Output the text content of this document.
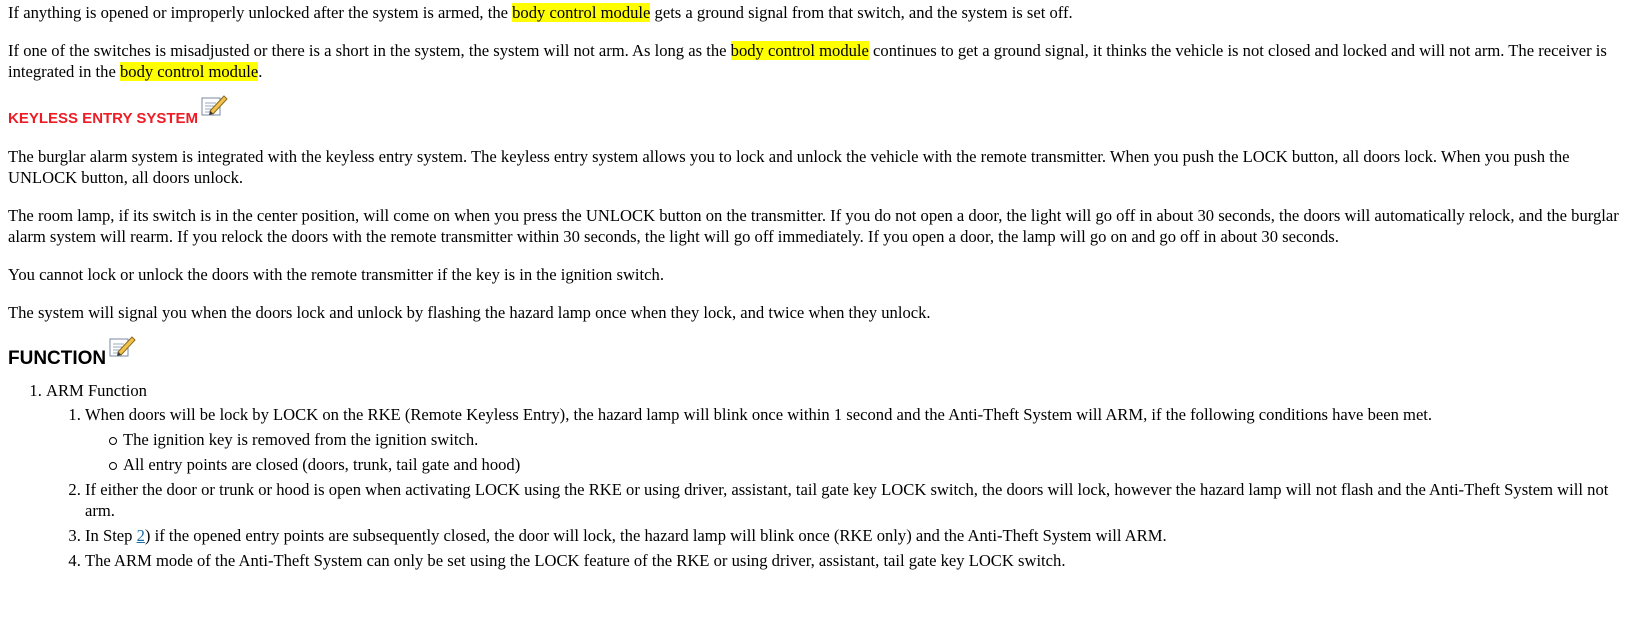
If anything is opened or improperly unlocked after the system is armed, the body control module gets a ground signal from that switch, and the system is set off.

If one of the switches is misadjusted or there is a short in the system, the system will not arm. As long as the body control module continues to get a ground signal, it thinks the vehicle is not closed and locked and will not arm. The receiver is integrated in the body control module.

KEYLESS ENTRY SYSTEM

The burglar alarm system is integrated with the keyless entry system. The keyless entry system allows you to lock and unlock the vehicle with the remote transmitter. When you push the LOCK button, all doors lock. When you push the UNLOCK button, all doors unlock.

The room lamp, if its switch is in the center position, will come on when you press the UNLOCK button on the transmitter. If you do not open a door, the light will go off in about 30 seconds, the doors will automatically relock, and the burglar alarm system will rearm. If you relock the doors with the remote transmitter within 30 seconds, the light will go off immediately. If you open a door, the lamp will go on and go off in about 30 seconds.

You cannot lock or unlock the doors with the remote transmitter if the key is in the ignition switch.

The system will signal you when the doors lock and unlock by flashing the hazard lamp once when they lock, and twice when they unlock.

FUNCTION
1. ARM Function
1. When doors will be lock by LOCK on the RKE (Remote Keyless Entry), the hazard lamp will blink once within 1 second and the Anti-Theft System will ARM, if the following conditions have been met.
The ignition key is removed from the ignition switch.
All entry points are closed (doors, trunk, tail gate and hood)
2. If either the door or trunk or hood is open when activating LOCK using the RKE or using driver, assistant, tail gate key LOCK switch, the doors will lock, however the hazard lamp will not flash and the Anti-Theft System will not arm.
3. In Step 2) if the opened entry points are subsequently closed, the door will lock, the hazard lamp will blink once (RKE only) and the Anti-Theft System will ARM.
4. The ARM mode of the Anti-Theft System can only be set using the LOCK feature of the RKE or using driver, assistant, tail gate key LOCK switch.
